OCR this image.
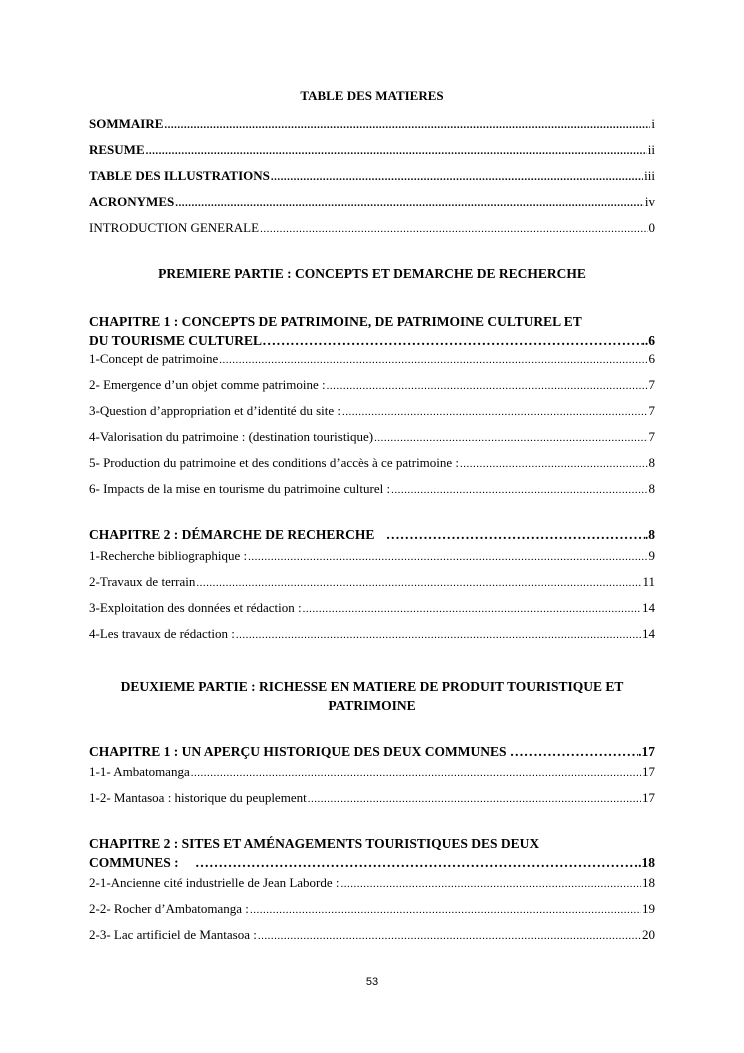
TABLE DES MATIERES
SOMMAIRE .....	i
RESUME .....	ii
TABLE DES ILLUSTRATIONS .....	iii
ACRONYMES .....	iv
INTRODUCTION GENERALE .....	0
PREMIERE PARTIE : CONCEPTS ET DEMARCHE DE RECHERCHE
CHAPITRE 1 : CONCEPTS DE PATRIMOINE, DE PATRIMOINE CULTUREL ET
DU TOURISME CULTUREL ……………………………………………………………………………………………………………………………………………………………………	..6
1-Concept de patrimoine .....	6
2- Emergence d’un objet comme patrimoine : .....	7
3-Question d’appropriation et d’identité du site : .....	7
4-Valorisation du patrimoine : (destination touristique) .....	7
5- Production du patrimoine et des conditions d’accès à ce patrimoine : .....	8
6- Impacts de la mise en tourisme du patrimoine culturel : .....	8
CHAPITRE 2 : DÉMARCHE DE RECHERCHE ……………………………………………………………………………………………………………………………………………………………………	.8
1-Recherche bibliographique : .....	9
2-Travaux de terrain .....	11
3-Exploitation des données et rédaction : .....	14
4-Les travaux de rédaction : .....	14
DEUXIEME PARTIE : RICHESSE EN MATIERE DE PRODUIT TOURISTIQUE ET
PATRIMOINE
CHAPITRE 1 : UN APERÇU HISTORIQUE DES DEUX COMMUNES ……………………………………………………………………………………………………………………………………………………………………	.17
1-1- Ambatomanga .....	17
1-2- Mantasoa : historique du peuplement .....	17
CHAPITRE 2 : SITES ET AMÉNAGEMENTS TOURISTIQUES DES DEUX
COMMUNES : ……………………………………………………………………………………………………………………………………………………………………	.18
2-1-Ancienne cité industrielle de Jean Laborde : .....	18
2-2- Rocher d’Ambatomanga : .....	19
2-3- Lac artificiel de Mantasoa : .....	20
53
